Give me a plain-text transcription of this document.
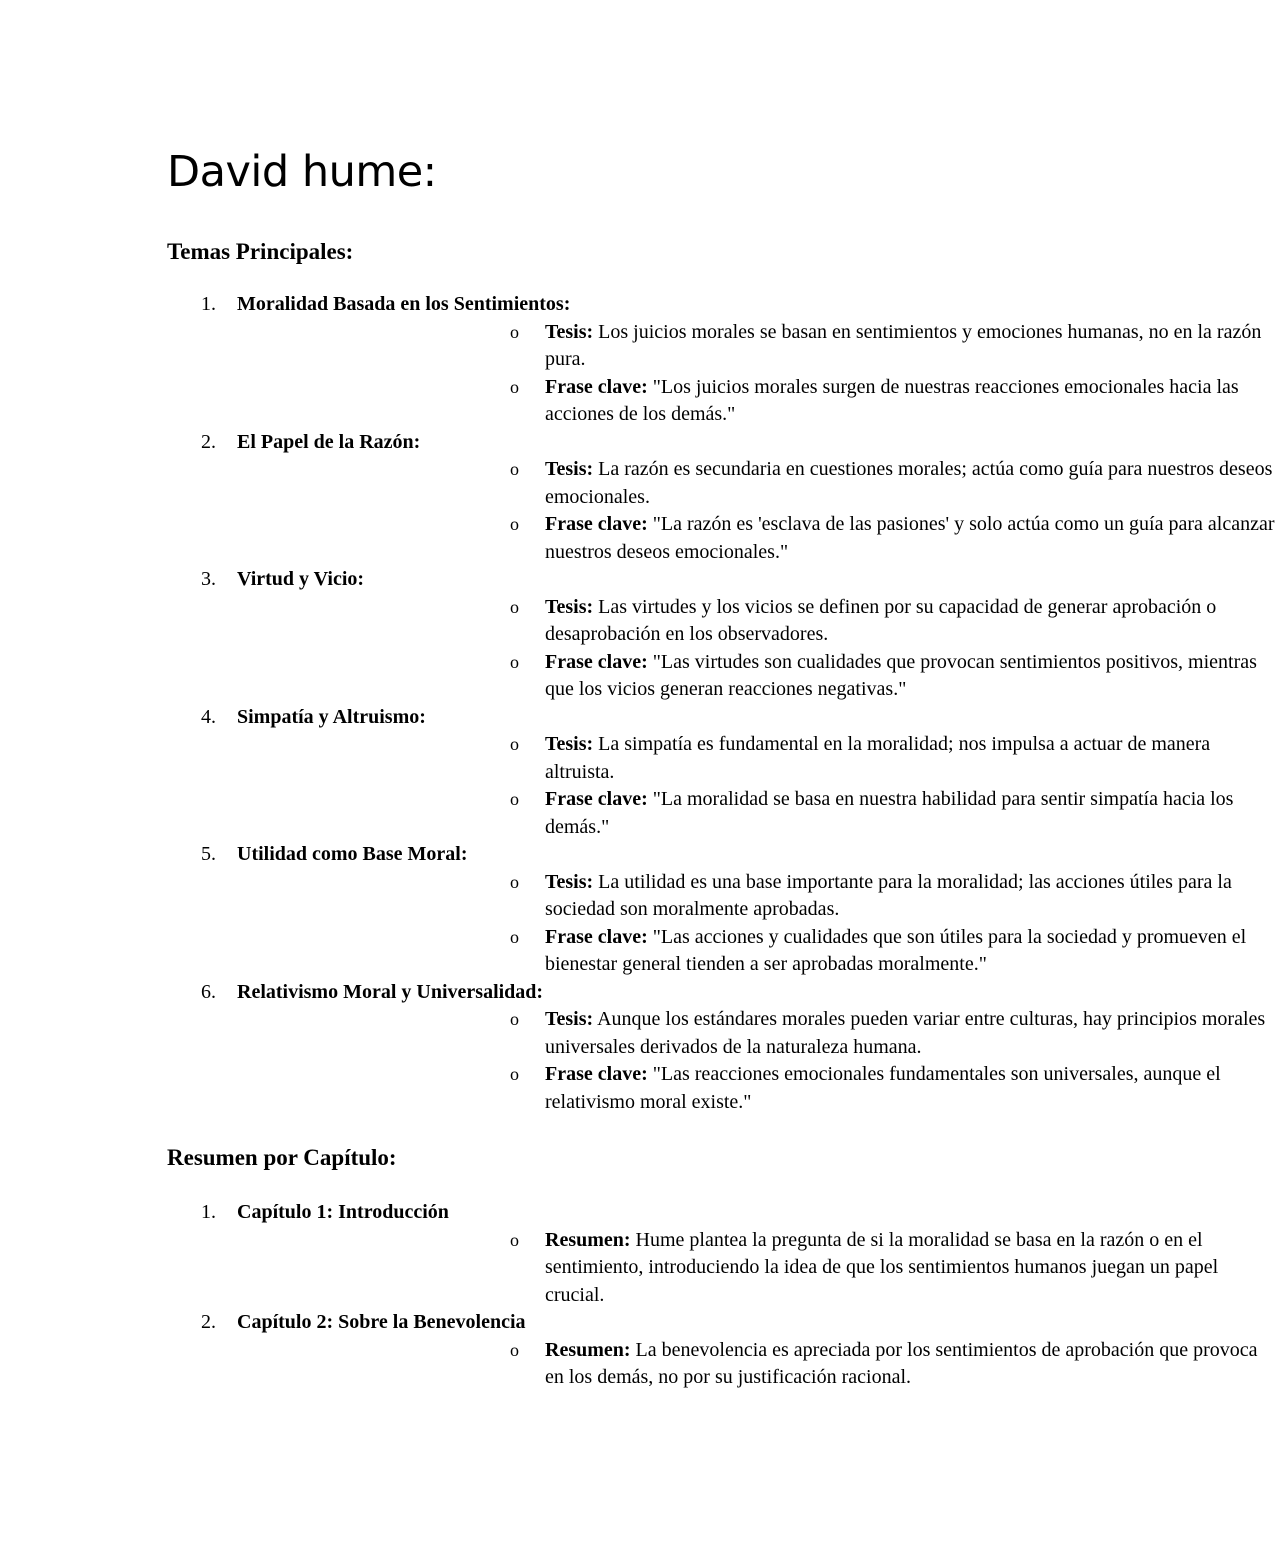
David hume:
Temas Principales:
1. Moralidad Basada en los Sentimientos:
o Tesis: Los juicios morales se basan en sentimientos y emociones humanas, no en la razón pura.
o Frase clave: "Los juicios morales surgen de nuestras reacciones emocionales hacia las acciones de los demás."
2. El Papel de la Razón:
o Tesis: La razón es secundaria en cuestiones morales; actúa como guía para nuestros deseos emocionales.
o Frase clave: "La razón es 'esclava de las pasiones' y solo actúa como un guía para alcanzar nuestros deseos emocionales."
3. Virtud y Vicio:
o Tesis: Las virtudes y los vicios se definen por su capacidad de generar aprobación o desaprobación en los observadores.
o Frase clave: "Las virtudes son cualidades que provocan sentimientos positivos, mientras que los vicios generan reacciones negativas."
4. Simpatía y Altruismo:
o Tesis: La simpatía es fundamental en la moralidad; nos impulsa a actuar de manera altruista.
o Frase clave: "La moralidad se basa en nuestra habilidad para sentir simpatía hacia los demás."
5. Utilidad como Base Moral:
o Tesis: La utilidad es una base importante para la moralidad; las acciones útiles para la sociedad son moralmente aprobadas.
o Frase clave: "Las acciones y cualidades que son útiles para la sociedad y promueven el bienestar general tienden a ser aprobadas moralmente."
6. Relativismo Moral y Universalidad:
o Tesis: Aunque los estándares morales pueden variar entre culturas, hay principios morales universales derivados de la naturaleza humana.
o Frase clave: "Las reacciones emocionales fundamentales son universales, aunque el relativismo moral existe."
Resumen por Capítulo:
1. Capítulo 1: Introducción
o Resumen: Hume plantea la pregunta de si la moralidad se basa en la razón o en el sentimiento, introduciendo la idea de que los sentimientos humanos juegan un papel crucial.
2. Capítulo 2: Sobre la Benevolencia
o Resumen: La benevolencia es apreciada por los sentimientos de aprobación que provoca en los demás, no por su justificación racional.
